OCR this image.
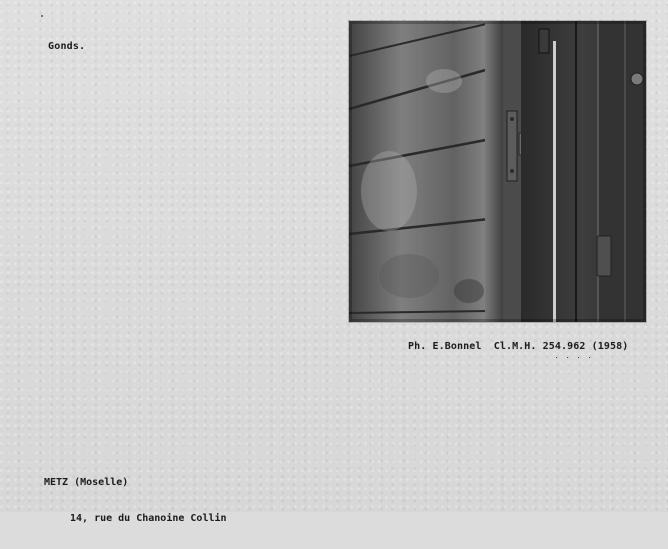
Gonds.
Ph. E.Bonnel Cl.M.H. 254.962 (1958)

METZ (Moselle)

14, rue du Chanoine Collin
